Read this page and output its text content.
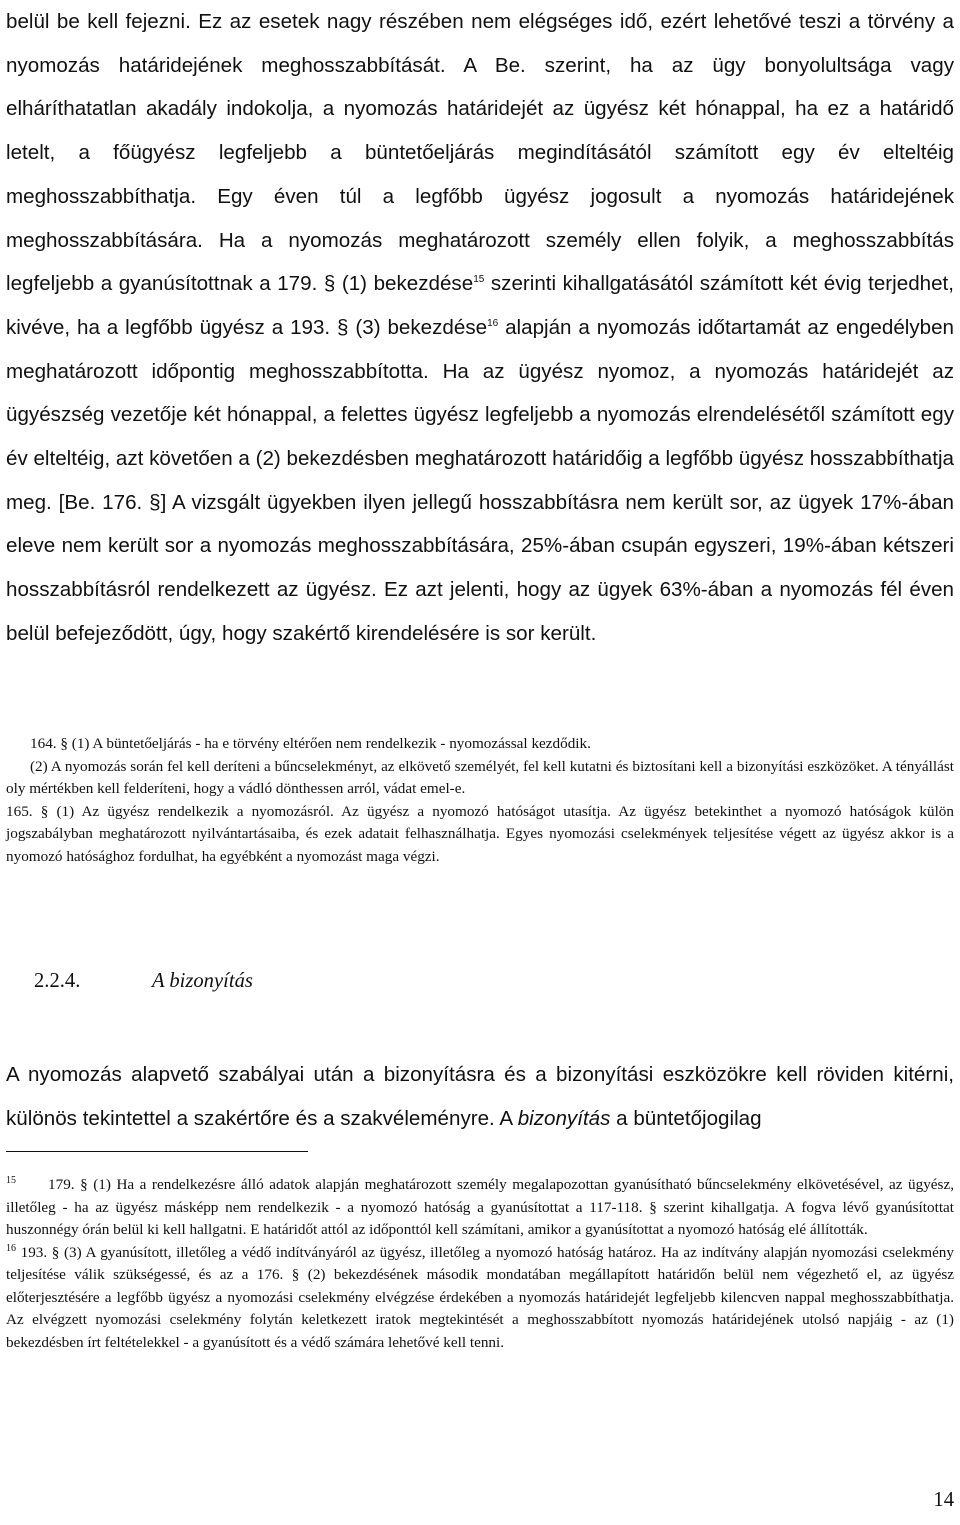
belül be kell fejezni. Ez az esetek nagy részében nem elégséges idő, ezért lehetővé teszi a törvény a nyomozás határidejének meghosszabbítását. A Be. szerint, ha az ügy bonyolultsága vagy elháríthatatlan akadály indokolja, a nyomozás határidejét az ügyész két hónappal, ha ez a határidő letelt, a főügyész legfeljebb a büntetőeljárás megindításától számított egy év elteltéig meghosszabbíthatja. Egy éven túl a legfőbb ügyész jogosult a nyomozás határidejének meghosszabbítására. Ha a nyomozás meghatározott személy ellen folyik, a meghosszabbítás legfeljebb a gyanúsítottnak a 179. § (1) bekezdése$^{15}$ szerinti kihallgatásától számított két évig terjedhet, kivéve, ha a legfőbb ügyész a 193. § (3) bekezdése$^{16}$ alapján a nyomozás időtartamát az engedélyben meghatározott időpontig meghosszabbította. Ha az ügyész nyomoz, a nyomozás határidejét az ügyészség vezetője két hónappal, a felettes ügyész legfeljebb a nyomozás elrendelésétől számított egy év elteltéig, azt követően a (2) bekezdésben meghatározott határidőig a legfőbb ügyész hosszabbíthatja meg. [Be. 176. §] A vizsgált ügyekben ilyen jellegű hosszabbításra nem került sor, az ügyek 17%-ában eleve nem került sor a nyomozás meghosszabbítására, 25%-ában csupán egyszeri, 19%-ában kétszeri hosszabbításról rendelkezett az ügyész. Ez azt jelenti, hogy az ügyek 63%-ában a nyomozás fél éven belül befejeződött, úgy, hogy szakértő kirendelésére is sor került.

164. § (1) A büntetőeljárás - ha e törvény eltérően nem rendelkezik - nyomozással kezdődik.

(2) A nyomozás során fel kell deríteni a bűncselekményt, az elkövető személyét, fel kell kutatni és biztosítani kell a bizonyítási eszközöket. A tényállást oly mértékben kell felderíteni, hogy a vádló dönthessen arról, vádat emel-e.

165. § (1) Az ügyész rendelkezik a nyomozásról. Az ügyész a nyomozó hatóságot utasítja. Az ügyész betekinthet a nyomozó hatóságok külön jogszabályban meghatározott nyilvántartásaiba, és ezek adatait felhasználhatja. Egyes nyomozási cselekmények teljesítése végett az ügyész akkor is a nyomozó hatósághoz fordulhat, ha egyébként a nyomozást maga végzi.

2.2.4.	A bizonyítás

A nyomozás alapvető szabályai után a bizonyításra és a bizonyítási eszközökre kell röviden kitérni, különös tekintettel a szakértőre és a szakvéleményre. A bizonyítás a büntetőjogilag

$^{15}$ 179. § (1) Ha a rendelkezésre álló adatok alapján meghatározott személy megalapozottan gyanúsítható bűncselekmény elkövetésével, az ügyész, illetőleg - ha az ügyész másképp nem rendelkezik - a nyomozó hatóság a gyanúsítottat a 117-118. § szerint kihallgatja. A fogva lévő gyanúsítottat huszonnégy órán belül ki kell hallgatni. E határidőt attól az időponttól kell számítani, amikor a gyanúsítottat a nyomozó hatóság elé állították.

$^{16}$ 193. § (3) A gyanúsított, illetőleg a védő indítványáról az ügyész, illetőleg a nyomozó hatóság határoz. Ha az indítvány alapján nyomozási cselekmény teljesítése válik szükségessé, és az a 176. § (2) bekezdésének második mondatában megállapított határidőn belül nem végezhető el, az ügyész előterjesztésére a legfőbb ügyész a nyomozási cselekmény elvégzése érdekében a nyomozás határidejét legfeljebb kilencven nappal meghosszabbíthatja. Az elvégzett nyomozási cselekmény folytán keletkezett iratok megtekintését a meghosszabbított nyomozás határidejének utolsó napjáig - az (1) bekezdésben írt feltételekkel - a gyanúsított és a védő számára lehetővé kell tenni.

14
